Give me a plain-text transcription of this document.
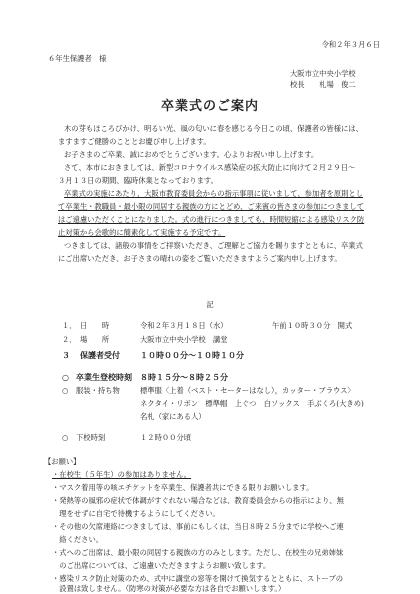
令和２年３月６日
６年生保護者　様
大阪市立中央小学校
校長　　札場　俊二
卒業式のご案内
木の芽もほころびかけ、明るい光、風の匂いに春を感じる今日この頃、保護者の皆様には、
ますますご健勝のこととお慶び申し上げます。
お子さまのご卒業、誠におめでとうございます。心よりお祝い申し上げます。
さて、本市におきましては、新型コロナウイルス感染症の拡大防止に向けて２月２９日～
３月１３日の期間、臨時休業となっております。
卒業式の実施にあたり、大阪市教育委員会からの指示事項に従いまして、参加者を原則とし
て卒業生・教職員・最小限の同居する親族の方にとどめ、ご来賓の皆さまの参加につきまして
はご遠慮いただくことになりました。式の進行につきましても、時間短縮による感染リスク防
止対策から会歌的に簡素化して実施する予定です。
つきましては、諸般の事情をご拝察いただき、ご理解とご協力を賜りますとともに、卒業式
にご出席いただき、お子さまの晴れの姿をご覧いただきますようご案内申し上げます。
記
１． 日　　時	令和２年３月１８日（水）	午前１０時３０分　開式
２． 場　　所	大阪市立中央小学校　講堂
３ 保護者受付	１０時００分～１０時１０分
○ 卒業生登校時刻 ８時１５分～８時２５分
○ 服装・持ち物	標準服〈上着（ベスト・セーターはなし），カッター・ブラウス〉
ネクタイ・リボン　標準帽　上ぐつ　白ソックス　手ぶくろ(大きめ)
名札（家にある人）
○ 下校時刻	１２時００分頃
【お願い】
・在校生（５年生）の参加はありません。
・マスク着用等の咳エチケットを卒業生、保護者共にできる限りお願いします。
・発熱等の風邪の症状で体調がすぐれない場合などは、教育委員会からの指示により、無
　理をせずに自宅で待機するようにしてください。
・その他の欠席連絡につきましては、事前にもしくは、当日８時２５分までに学校へご連
　絡ください。
・式へのご出席は、最小限の同居する親族の方のみとします。ただし、在校生の兄弟姉妹
　のご出席については、ご遠慮いただきますようお願い致します。
・感染リスク防止対策のため、式中に講堂の窓等を開けて換気するとともに、ストーブの
　設置は致しません。（防寒の対策が必要な方は各自でお願いします。）
